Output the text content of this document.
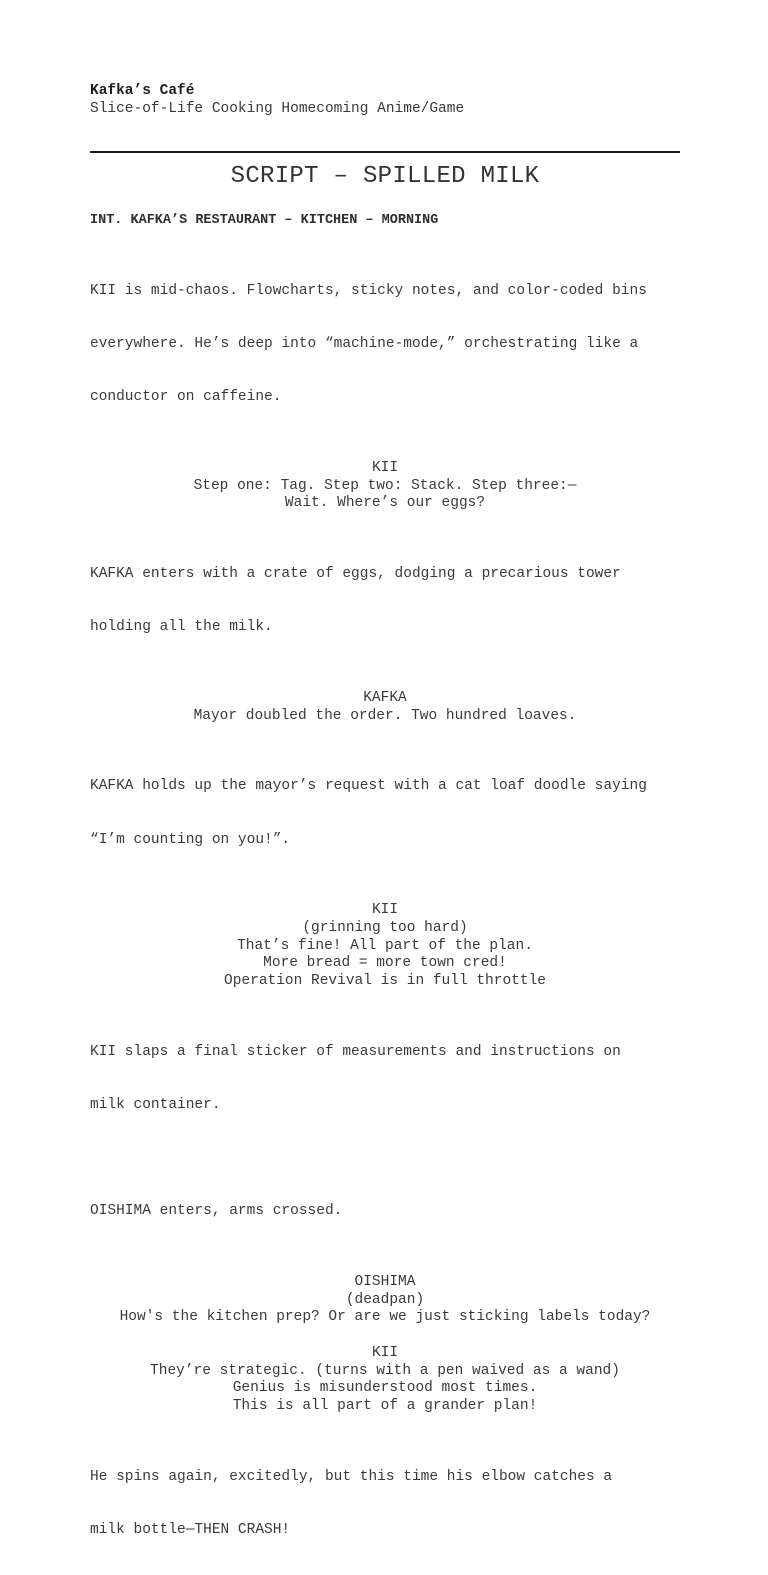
Kafka’s Café
Slice-of-Life Cooking Homecoming Anime/Game
SCRIPT – SPILLED MILK
INT. KAFKA’S RESTAURANT – KITCHEN – MORNING

KII is mid-chaos. Flowcharts, sticky notes, and color-coded bins

everywhere. He’s deep into “machine-mode,” orchestrating like a

conductor on caffeine.

KII
Step one: Tag. Step two: Stack. Step three:—
Wait. Where’s our eggs?

KAFKA enters with a crate of eggs, dodging a precarious tower

holding all the milk.

KAFKA
Mayor doubled the order. Two hundred loaves.

KAFKA holds up the mayor’s request with a cat loaf doodle saying

“I’m counting on you!”.

KII
(grinning too hard)
That’s fine! All part of the plan.
More bread = more town cred!
Operation Revival is in full throttle

KII slaps a final sticker of measurements and instructions on

milk container.

OISHIMA enters, arms crossed.

OISHIMA
(deadpan)
How's the kitchen prep? Or are we just sticking labels today?
KII
They’re strategic. (turns with a pen waived as a wand)
Genius is misunderstood most times.
This is all part of a grander plan!

He spins again, excitedly, but this time his elbow catches a

milk bottle—THEN CRASH!
